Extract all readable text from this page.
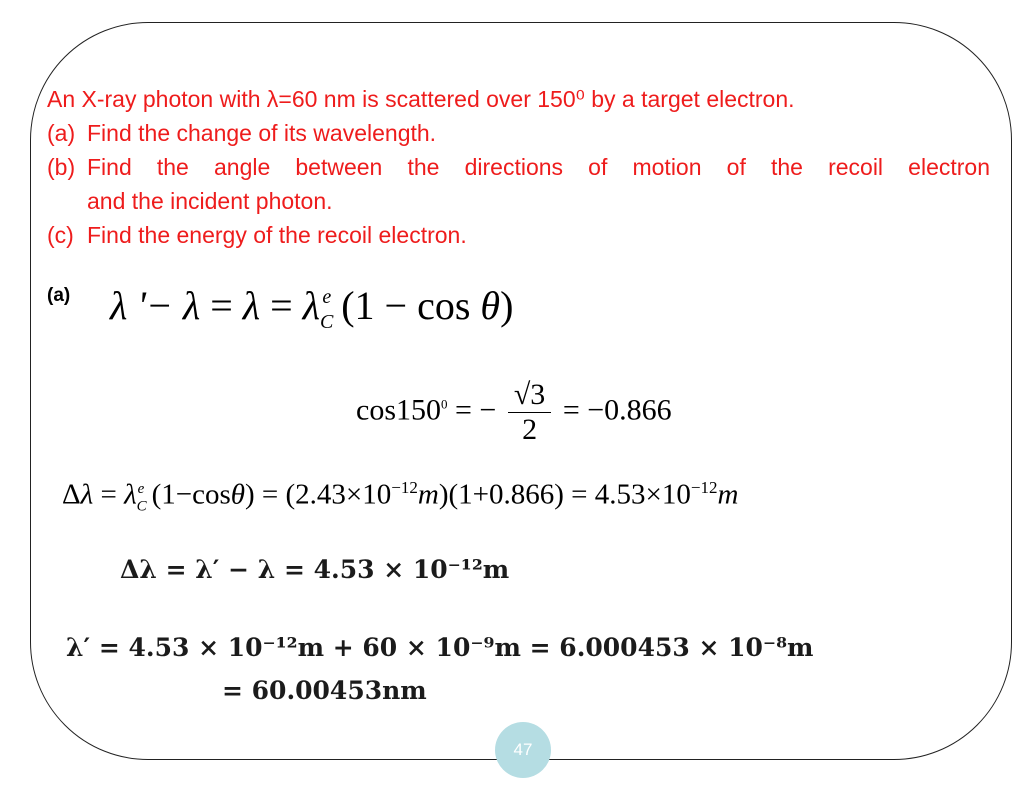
An X-ray photon with λ=60 nm is scattered over 150⁰ by a target electron.
(a) Find the change of its wavelength.
(b) Find the angle between the directions of motion of the recoil electron
and the incident photon.
(c) Find the energy of the recoil electron.
(a) λ '− $\lambda = \lambda = \lambda_C^e$ (1 − cos θ)
$\cos 150^0$ = − $\frac{√3}{2} = -0.866$
$\Delta\lambda = \lambda_C^e$ $(1-\cos\theta) = (2.43\times 10^{-12}m)(1+0.866) = 4.53\times 10^{-12}m$
Δλ = λ′ − λ = 4.53 × 10⁻¹²m
λ′ = 4.53 × 10⁻¹²m + 60 × 10⁻⁹m = 6.000453 × 10⁻⁸m
= 60.00453nm
47
